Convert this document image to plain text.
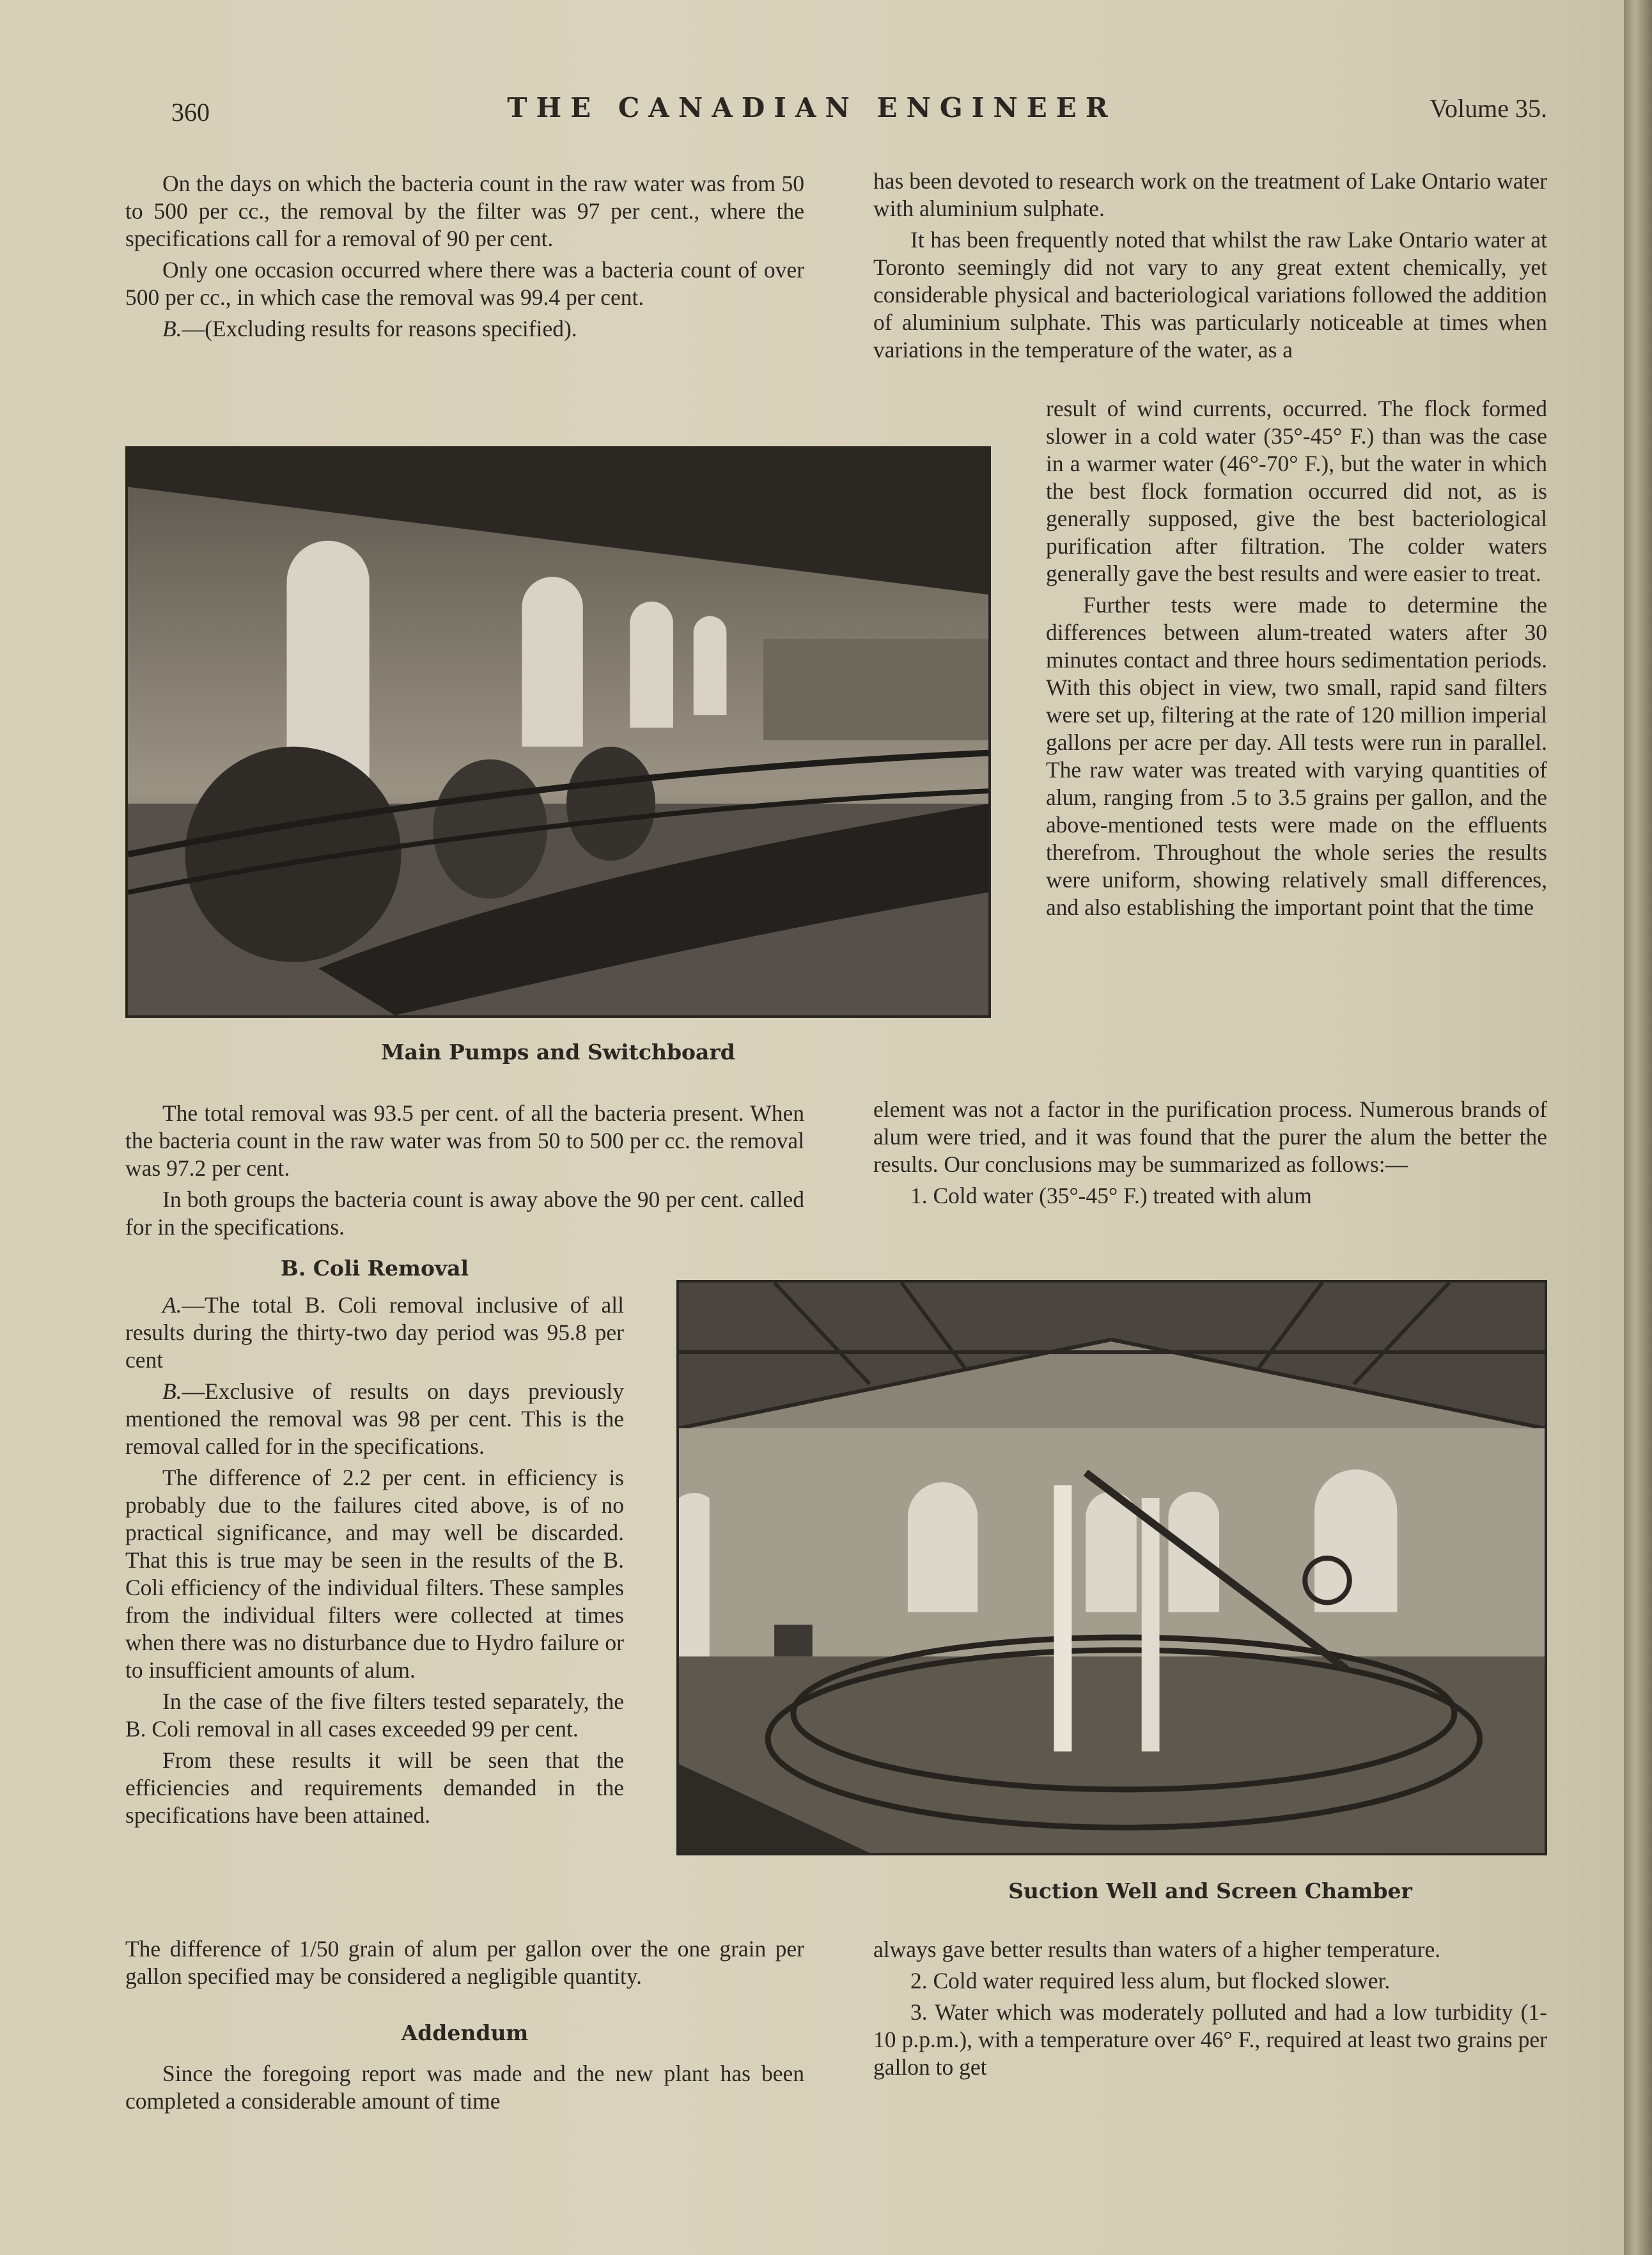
360	THE CANADIAN ENGINEER	Volume 35.

On the days on which the bacteria count in the raw water was from 50 to 500 per cc., the removal by the filter was 97 per cent., where the specifications call for a removal of 90 per cent.

Only one occasion occurred where there was a bacteria count of over 500 per cc., in which case the removal was 99.4 per cent.

B.—(Excluding results for reasons specified).

Main Pumps and Switchboard

The total removal was 93.5 per cent. of all the bacteria present. When the bacteria count in the raw water was from 50 to 500 per cc. the removal was 97.2 per cent.

In both groups the bacteria count is away above the 90 per cent. called for in the specifications.

B. Coli Removal

A.—The total B. Coli removal inclusive of all results during the thirty-two day period was 95.8 per cent

B.—Exclusive of results on days previously mentioned the removal was 98 per cent. This is the removal called for in the specifications.

The difference of 2.2 per cent. in efficiency is probably due to the failures cited above, is of no practical significance, and may well be discarded. That this is true may be seen in the results of the B. Coli efficiency of the individual filters. These samples from the individual filters were collected at times when there was no disturbance due to Hydro failure or to insufficient amounts of alum.

In the case of the five filters tested separately, the B. Coli removal in all cases exceeded 99 per cent.

From these results it will be seen that the efficiencies and requirements demanded in the specifications have been attained.

The difference of 1/50 grain of alum per gallon over the one grain per gallon specified may be considered a negligible quantity.

Addendum

Since the foregoing report was made and the new plant has been completed a considerable amount of time

has been devoted to research work on the treatment of Lake Ontario water with aluminium sulphate.

It has been frequently noted that whilst the raw Lake Ontario water at Toronto seemingly did not vary to any great extent chemically, yet considerable physical and bacteriological variations followed the addition of aluminium sulphate. This was particularly noticeable at times when variations in the temperature of the water, as a

result of wind currents, occurred. The flock formed slower in a cold water (35°-45° F.) than was the case in a warmer water (46°-70° F.), but the water in which the best flock formation occurred did not, as is generally supposed, give the best bacteriological purification after filtration. The colder waters generally gave the best results and were easier to treat.

Further tests were made to determine the differences between alum-treated waters after 30 minutes contact and three hours sedimentation periods. With this object in view, two small, rapid sand filters were set up, filtering at the rate of 120 million imperial gallons per acre per day. All tests were run in parallel. The raw water was treated with varying quantities of alum, ranging from .5 to 3.5 grains per gallon, and the above-mentioned tests were made on the effluents therefrom. Throughout the whole series the results were uniform, showing relatively small differences, and also establishing the important point that the time

element was not a factor in the purification process. Numerous brands of alum were tried, and it was found that the purer the alum the better the results. Our conclusions may be summarized as follows:—

1. Cold water (35°-45° F.) treated with alum

Suction Well and Screen Chamber

always gave better results than waters of a higher temperature.

2. Cold water required less alum, but flocked slower.

3. Water which was moderately polluted and had a low turbidity (1-10 p.p.m.), with a temperature over 46° F., required at least two grains per gallon to get
